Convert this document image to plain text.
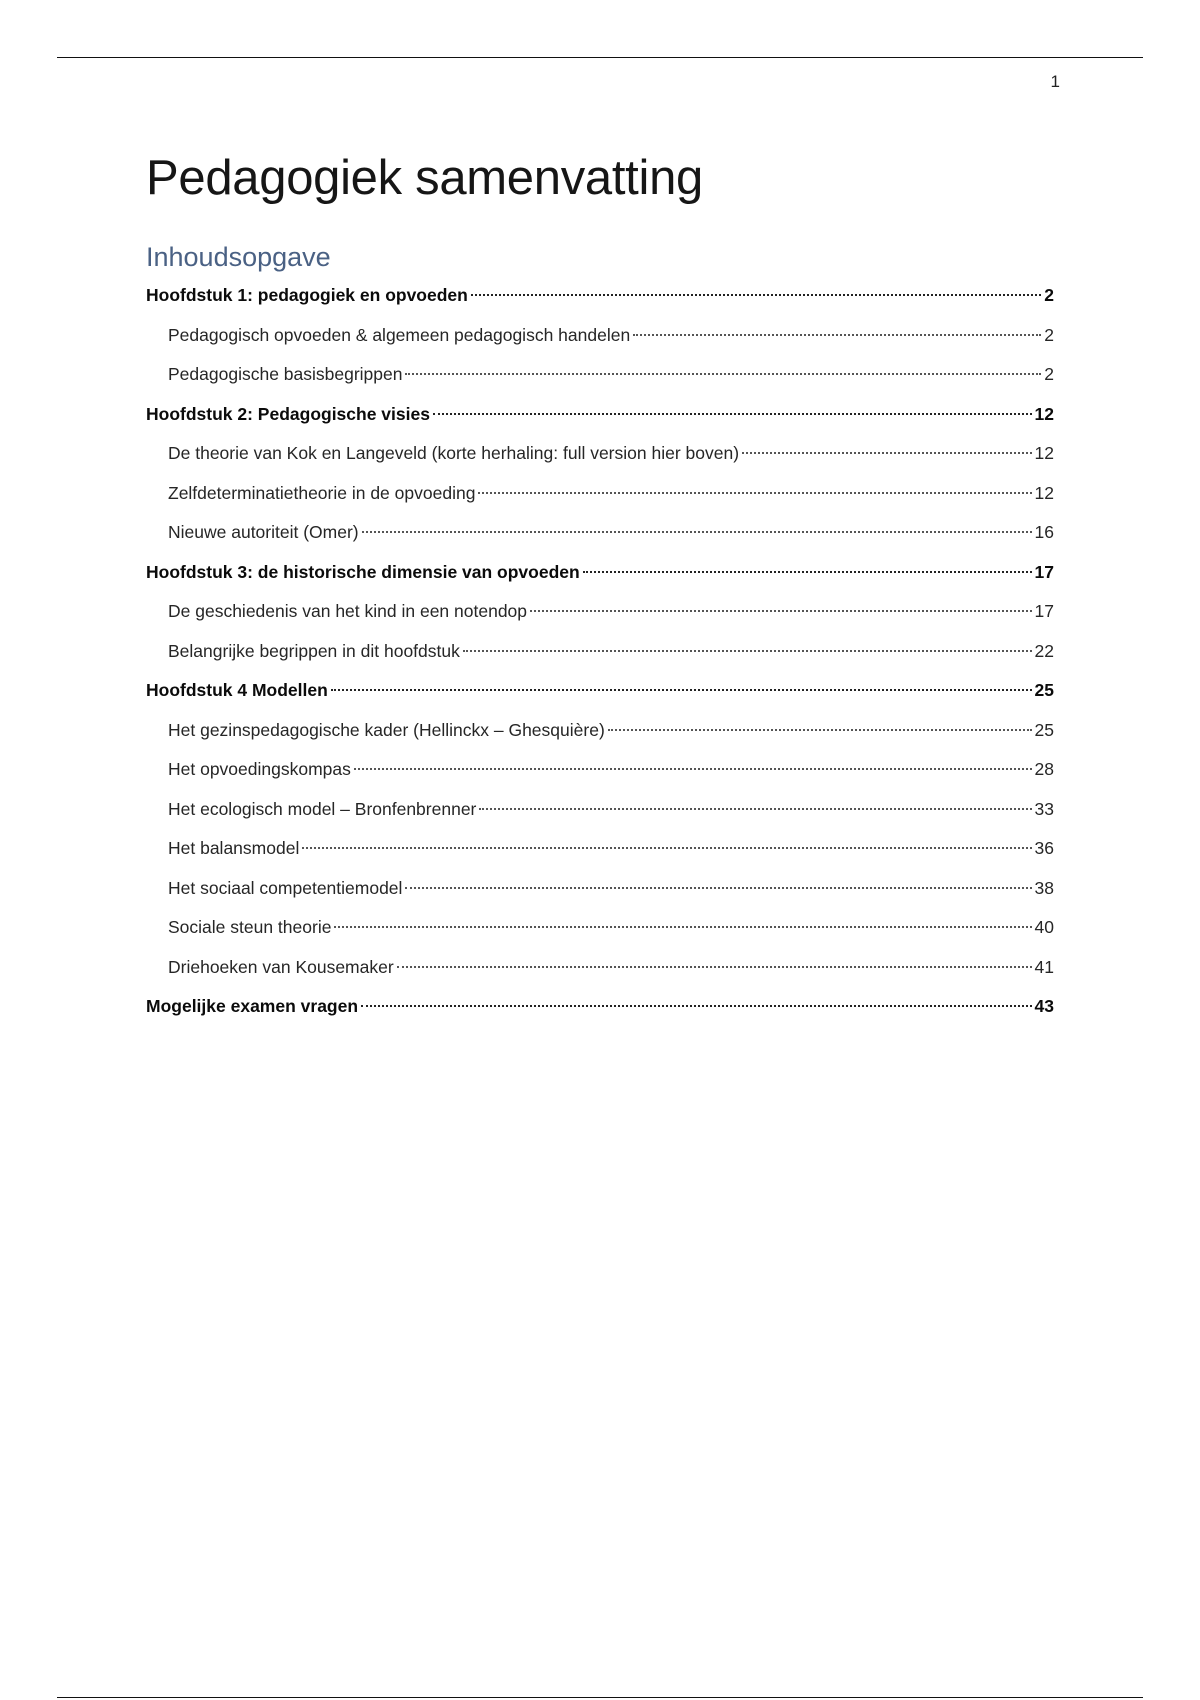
1
Pedagogiek samenvatting
Inhoudsopgave
Hoofdstuk 1: pedagogiek en opvoeden	2
Pedagogisch opvoeden & algemeen pedagogisch handelen	2
Pedagogische basisbegrippen	2
Hoofdstuk 2: Pedagogische visies	12
De theorie van Kok en Langeveld (korte herhaling: full version hier boven)	12
Zelfdeterminatietheorie in de opvoeding	12
Nieuwe autoriteit (Omer)	16
Hoofdstuk 3: de historische dimensie van opvoeden	17
De geschiedenis van het kind in een notendop	17
Belangrijke begrippen in dit hoofdstuk	22
Hoofdstuk 4 Modellen	25
Het gezinspedagogische kader (Hellinckx – Ghesquière)	25
Het opvoedingskompas	28
Het ecologisch model – Bronfenbrenner	33
Het balansmodel	36
Het sociaal competentiemodel	38
Sociale steun theorie	40
Driehoeken van Kousemaker	41
Mogelijke examen vragen	43
